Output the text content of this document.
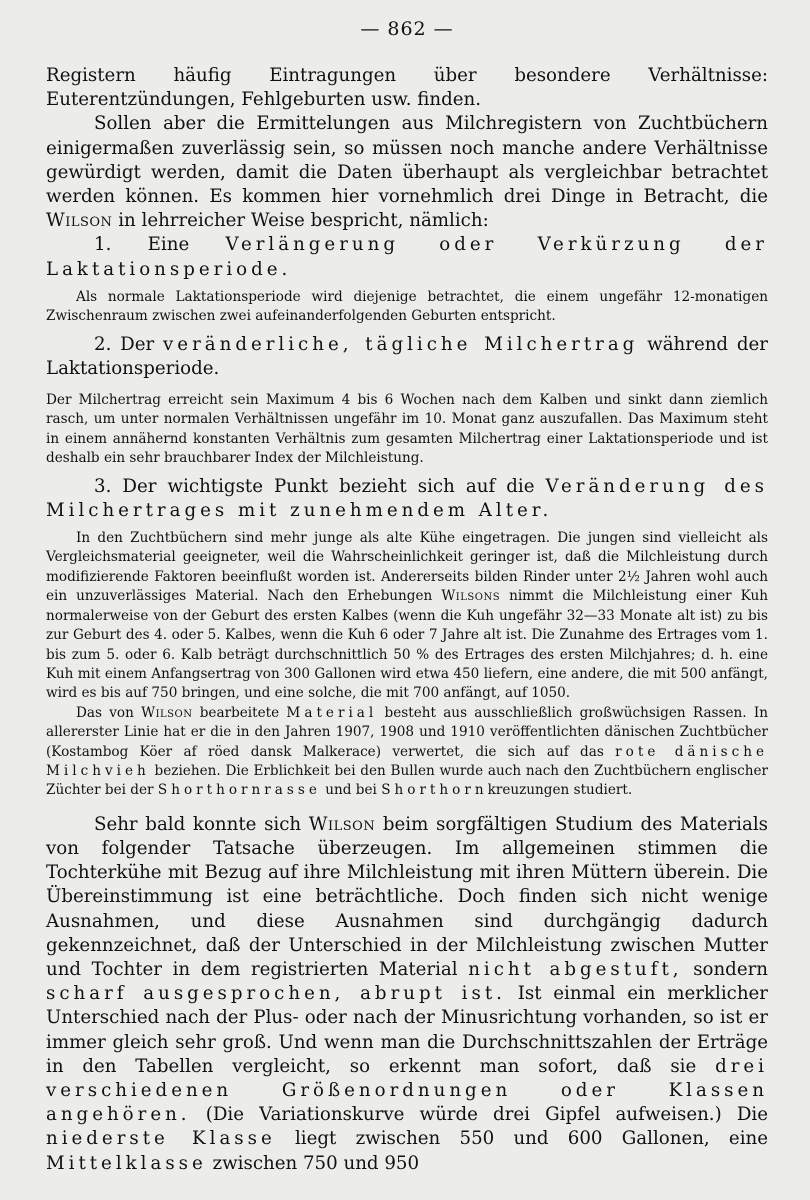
— 862 —

Registern häufig Eintragungen über besondere Verhältnisse: Euterentzündungen, Fehlgeburten usw. finden.

Sollen aber die Ermittelungen aus Milchregistern von Zuchtbüchern einigermaßen zuverlässig sein, so müssen noch manche andere Verhältnisse gewürdigt werden, damit die Daten überhaupt als vergleichbar betrachtet werden können. Es kommen hier vornehmlich drei Dinge in Betracht, die Wilson in lehrreicher Weise bespricht, nämlich:

1. Eine Verlängerung oder Verkürzung der Laktationsperiode.

Als normale Laktationsperiode wird diejenige betrachtet, die einem ungefähr 12-monatigen Zwischenraum zwischen zwei aufeinanderfolgenden Geburten entspricht.

2. Der veränderliche, tägliche Milchertrag während der Laktationsperiode.

Der Milchertrag erreicht sein Maximum 4 bis 6 Wochen nach dem Kalben und sinkt dann ziemlich rasch, um unter normalen Verhältnissen ungefähr im 10. Monat ganz auszufallen. Das Maximum steht in einem annähernd konstanten Verhältnis zum gesamten Milchertrag einer Laktationsperiode und ist deshalb ein sehr brauchbarer Index der Milchleistung.

3. Der wichtigste Punkt bezieht sich auf die Veränderung des Milchertrages mit zunehmendem Alter.

In den Zuchtbüchern sind mehr junge als alte Kühe eingetragen. Die jungen sind vielleicht als Vergleichsmaterial geeigneter, weil die Wahrscheinlichkeit geringer ist, daß die Milchleistung durch modifizierende Faktoren beeinflußt worden ist. Andererseits bilden Rinder unter 2½ Jahren wohl auch ein unzuverlässiges Material. Nach den Erhebungen Wilsons nimmt die Milchleistung einer Kuh normalerweise von der Geburt des ersten Kalbes (wenn die Kuh ungefähr 32—33 Monate alt ist) zu bis zur Geburt des 4. oder 5. Kalbes, wenn die Kuh 6 oder 7 Jahre alt ist. Die Zunahme des Ertrages vom 1. bis zum 5. oder 6. Kalb beträgt durchschnittlich 50 % des Ertrages des ersten Milchjahres; d. h. eine Kuh mit einem Anfangsertrag von 300 Gallonen wird etwa 450 liefern, eine andere, die mit 500 anfängt, wird es bis auf 750 bringen, und eine solche, die mit 700 anfängt, auf 1050.

Das von Wilson bearbeitete Material besteht aus ausschließlich großwüchsigen Rassen. In allererster Linie hat er die in den Jahren 1907, 1908 und 1910 veröffentlichten dänischen Zuchtbücher (Kostambog Köer af röed dansk Malkerace) verwertet, die sich auf das rote dänische Milchvieh beziehen. Die Erblichkeit bei den Bullen wurde auch nach den Zuchtbüchern englischer Züchter bei der Shorthornrasse und bei Shorthornkreuzungen studiert.

Sehr bald konnte sich Wilson beim sorgfältigen Studium des Materials von folgender Tatsache überzeugen. Im allgemeinen stimmen die Tochterkühe mit Bezug auf ihre Milchleistung mit ihren Müttern überein. Die Übereinstimmung ist eine beträchtliche. Doch finden sich nicht wenige Ausnahmen, und diese Ausnahmen sind durchgängig dadurch gekennzeichnet, daß der Unterschied in der Milchleistung zwischen Mutter und Tochter in dem registrierten Material nicht abgestuft, sondern scharf ausgesprochen, abrupt ist. Ist einmal ein merklicher Unterschied nach der Plus- oder nach der Minusrichtung vorhanden, so ist er immer gleich sehr groß. Und wenn man die Durchschnittszahlen der Erträge in den Tabellen vergleicht, so erkennt man sofort, daß sie drei verschiedenen Größenordnungen oder Klassen angehören. (Die Variationskurve würde drei Gipfel aufweisen.) Die niederste Klasse liegt zwischen 550 und 600 Gallonen, eine Mittelklasse zwischen 750 und 950
